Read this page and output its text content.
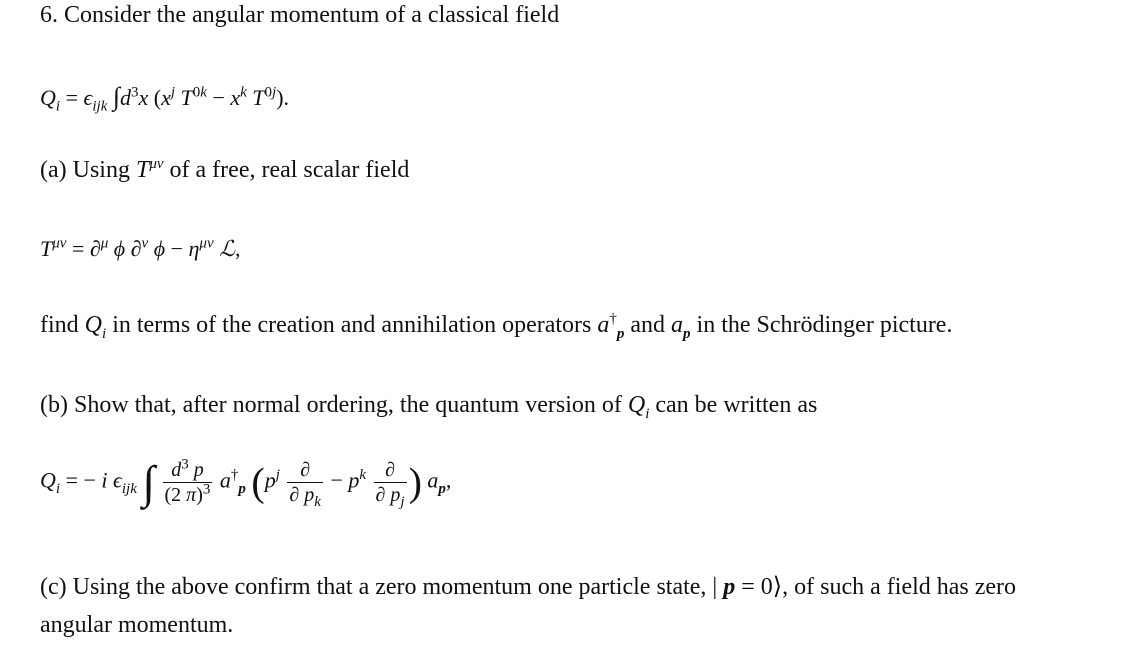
6. Consider the angular momentum of a classical field
$Q_i = \epsilon_{ijk}$ $\int d^3x$ ($x^j$ $T^{0k} - x^k$ $T^{0j}$).
(a) Using $T^{\mu\nu}$ of a free, real scalar field
$T^{\mu\nu} = \partial^\mu$ ϕ ∂$^\nu$ $\phi - \eta^{\mu\nu}$ ℒ,
find $Q_i$ in terms of the creation and annihilation operators $a^\dagger_p$ and $a_p$ in the Schrödinger picture.
(b) Show that, after normal ordering, the quantum version of $Q_i$ can be written as
$Q_i$ = − i $\epsilon_{ijk}$ ∫ $\frac{d^3 p}{(2 \pi)^3} a^\dagger_p$ ($p^j \frac{\partial}{\partial p_k} - p^k \frac{\partial}{\partial p_j}$ ) $a_p$,
(c) Using the above confirm that a zero momentum one particle state, | p = 0⟩, of such a field has zero
angular momentum.
